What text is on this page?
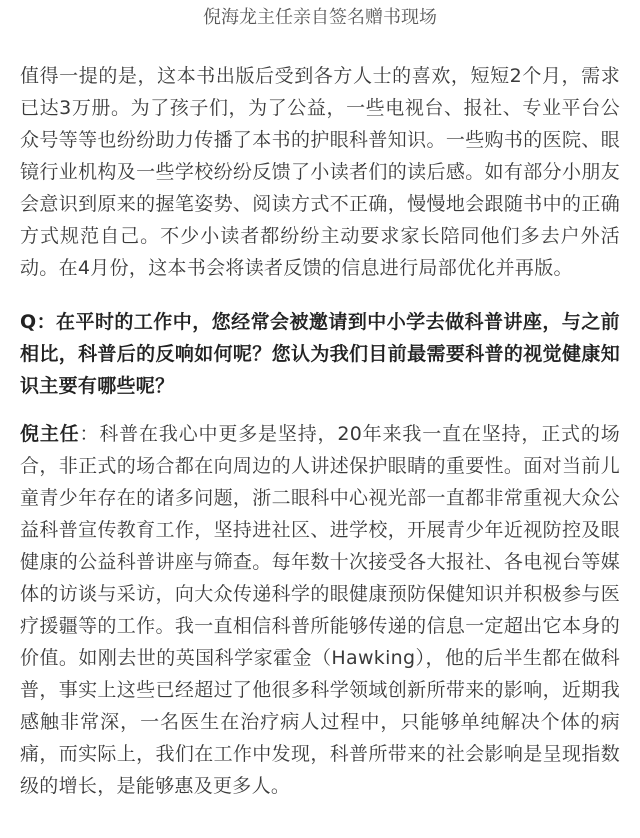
倪海龙主任亲自签名赠书现场

值得一提的是，这本书出版后受到各方人士的喜欢，短短2个月，需求已达3万册。为了孩子们，为了公益，一些电视台、报社、专业平台公众号等等也纷纷助力传播了本书的护眼科普知识。一些购书的医院、眼镜行业机构及一些学校纷纷反馈了小读者们的读后感。如有部分小朋友会意识到原来的握笔姿势、阅读方式不正确，慢慢地会跟随书中的正确方式规范自己。不少小读者都纷纷主动要求家长陪同他们多去户外活动。在4月份，这本书会将读者反馈的信息进行局部优化并再版。

Q：在平时的工作中，您经常会被邀请到中小学去做科普讲座，与之前相比，科普后的反响如何呢？您认为我们目前最需要科普的视觉健康知识主要有哪些呢？

倪主任：科普在我心中更多是坚持，20年来我一直在坚持，正式的场合，非正式的场合都在向周边的人讲述保护眼睛的重要性。面对当前儿童青少年存在的诸多问题，浙二眼科中心视光部一直都非常重视大众公益科普宣传教育工作，坚持进社区、进学校，开展青少年近视防控及眼健康的公益科普讲座与筛查。每年数十次接受各大报社、各电视台等媒体的访谈与采访，向大众传递科学的眼健康预防保健知识并积极参与医疗援疆等的工作。我一直相信科普所能够传递的信息一定超出它本身的价值。如刚去世的英国科学家霍金（Hawking），他的后半生都在做科普，事实上这些已经超过了他很多科学领域创新所带来的影响，近期我感触非常深，一名医生在治疗病人过程中，只能够单纯解决个体的病痛，而实际上，我们在工作中发现，科普所带来的社会影响是呈现指数级的增长，是能够惠及更多人。
